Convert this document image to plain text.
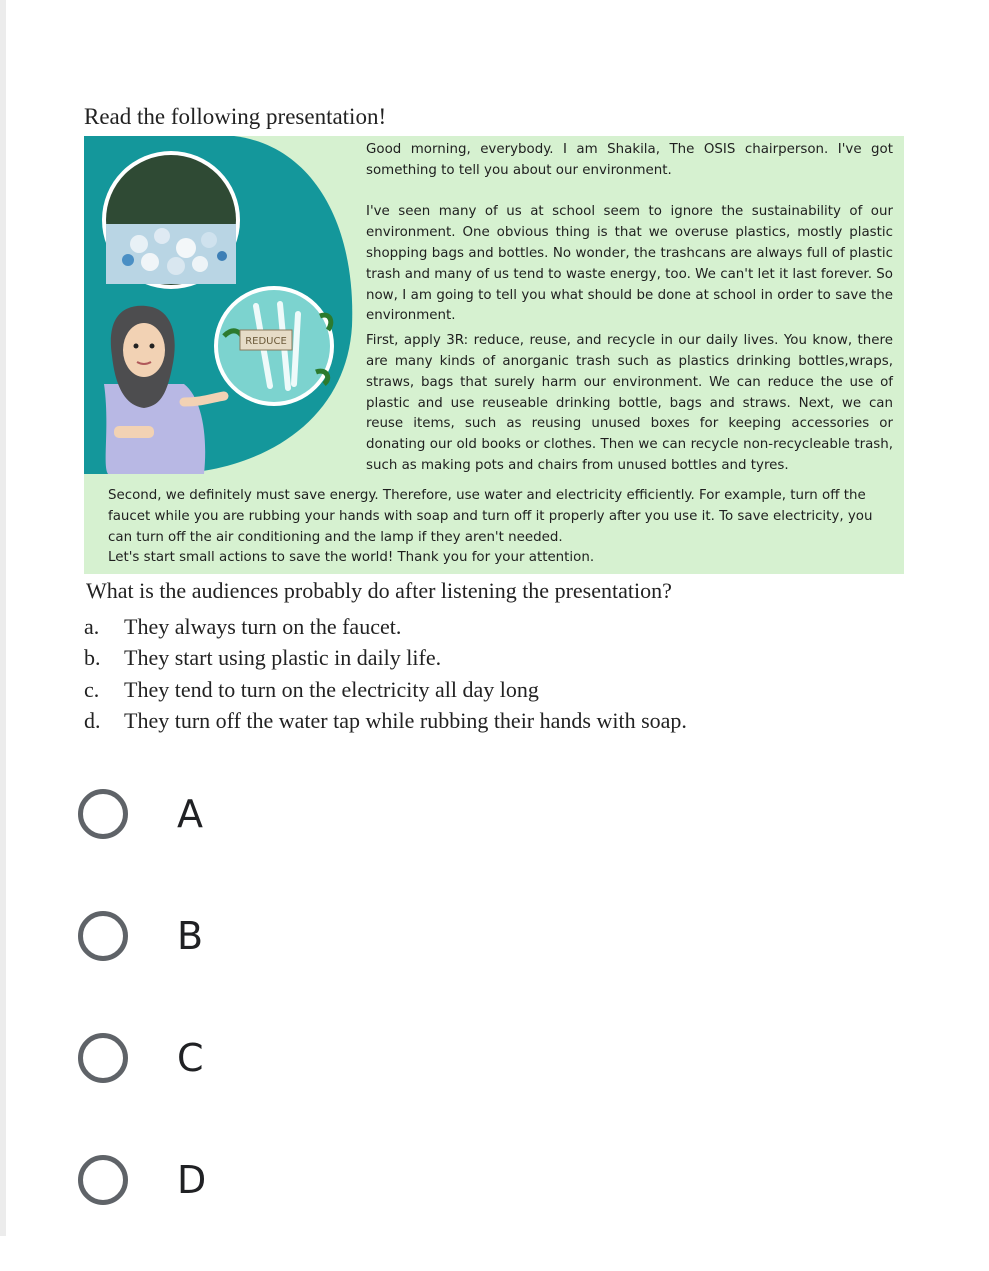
Read the following presentation!
REDUCE

Good morning, everybody. I am Shakila, The OSIS chairperson. I've got something to tell you about our environment.

I've seen many of us at school seem to ignore the sustainability of our environment. One obvious thing is that we overuse plastics, mostly plastic shopping bags and bottles. No wonder, the trashcans are always full of plastic trash and many of us tend to waste energy, too. We can't let it last forever. So now, I am going to tell you what should be done at school in order to save the environment.

First, apply 3R: reduce, reuse, and recycle in our daily lives. You know, there are many kinds of anorganic trash such as plastics drinking bottles,wraps, straws, bags that surely harm our environment. We can reduce the use of plastic and use reuseable drinking bottle, bags and straws. Next, we can reuse items, such as reusing unused boxes for keeping accessories or donating our old books or clothes. Then we can recycle non-recycleable trash, such as making pots and chairs from unused bottles and tyres.

Second, we definitely must save energy. Therefore, use water and electricity efficiently. For example, turn off the faucet while you are rubbing your hands with soap and turn off it properly after you use it. To save electricity, you can turn off the air conditioning and the lamp if they aren't needed.

Let's start small actions to save the world! Thank you for your attention.

What is the audiences probably do after listening the presentation?
a.	They always turn on the faucet.
b.	They start using plastic in daily life.
c.	They tend to turn on the electricity all day long
d.	They turn off the water tap while rubbing their hands with soap.
A
B
C
D
